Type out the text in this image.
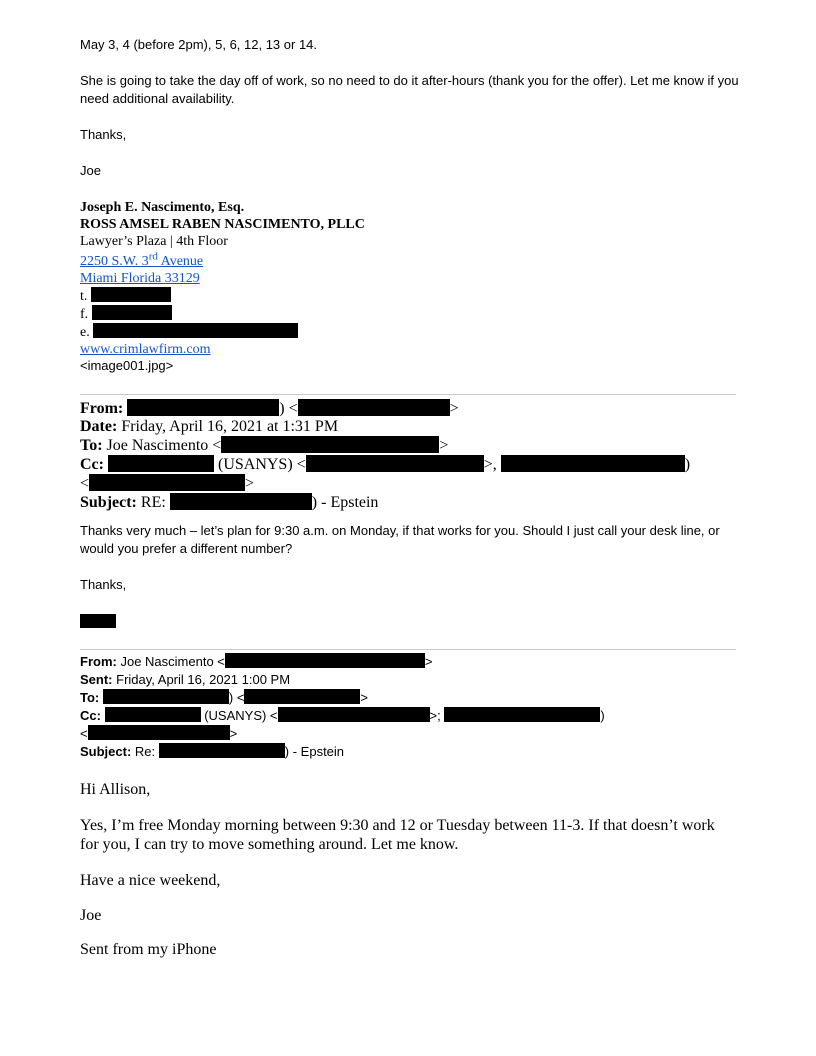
May 3, 4 (before 2pm), 5, 6, 12, 13 or 14.
She is going to take the day off of work, so no need to do it after-hours (thank you for the offer). Let me know if you need additional availability.
Thanks,
Joe
Joseph E. Nascimento, Esq.
ROSS AMSEL RABEN NASCIMENTO, PLLC
Lawyer’s Plaza | 4th Floor
2250 S.W. 3rd Avenue
Miami Florida 33129
t.
f.
e.
www.crimlawfirm.com
<image001.jpg>
From:	) <	>
Date: Friday, April 16, 2021 at 1:31 PM
To: Joe Nascimento <	>
Cc:	(USANYS) <	>,	)
<	>
Subject: RE:	) - Epstein
Thanks very much – let’s plan for 9:30 a.m. on Monday, if that works for you. Should I just call your desk line, or would you prefer a different number?
Thanks,
From: Joe Nascimento <	>
Sent: Friday, April 16, 2021 1:00 PM
To:	) <	>
Cc:	(USANYS) <	>;	)
<	>
Subject: Re:	) - Epstein
Hi Allison,
Yes, I’m free Monday morning between 9:30 and 12 or Tuesday between 11-3. If that doesn’t work for you, I can try to move something around. Let me know.
Have a nice weekend,
Joe
Sent from my iPhone
